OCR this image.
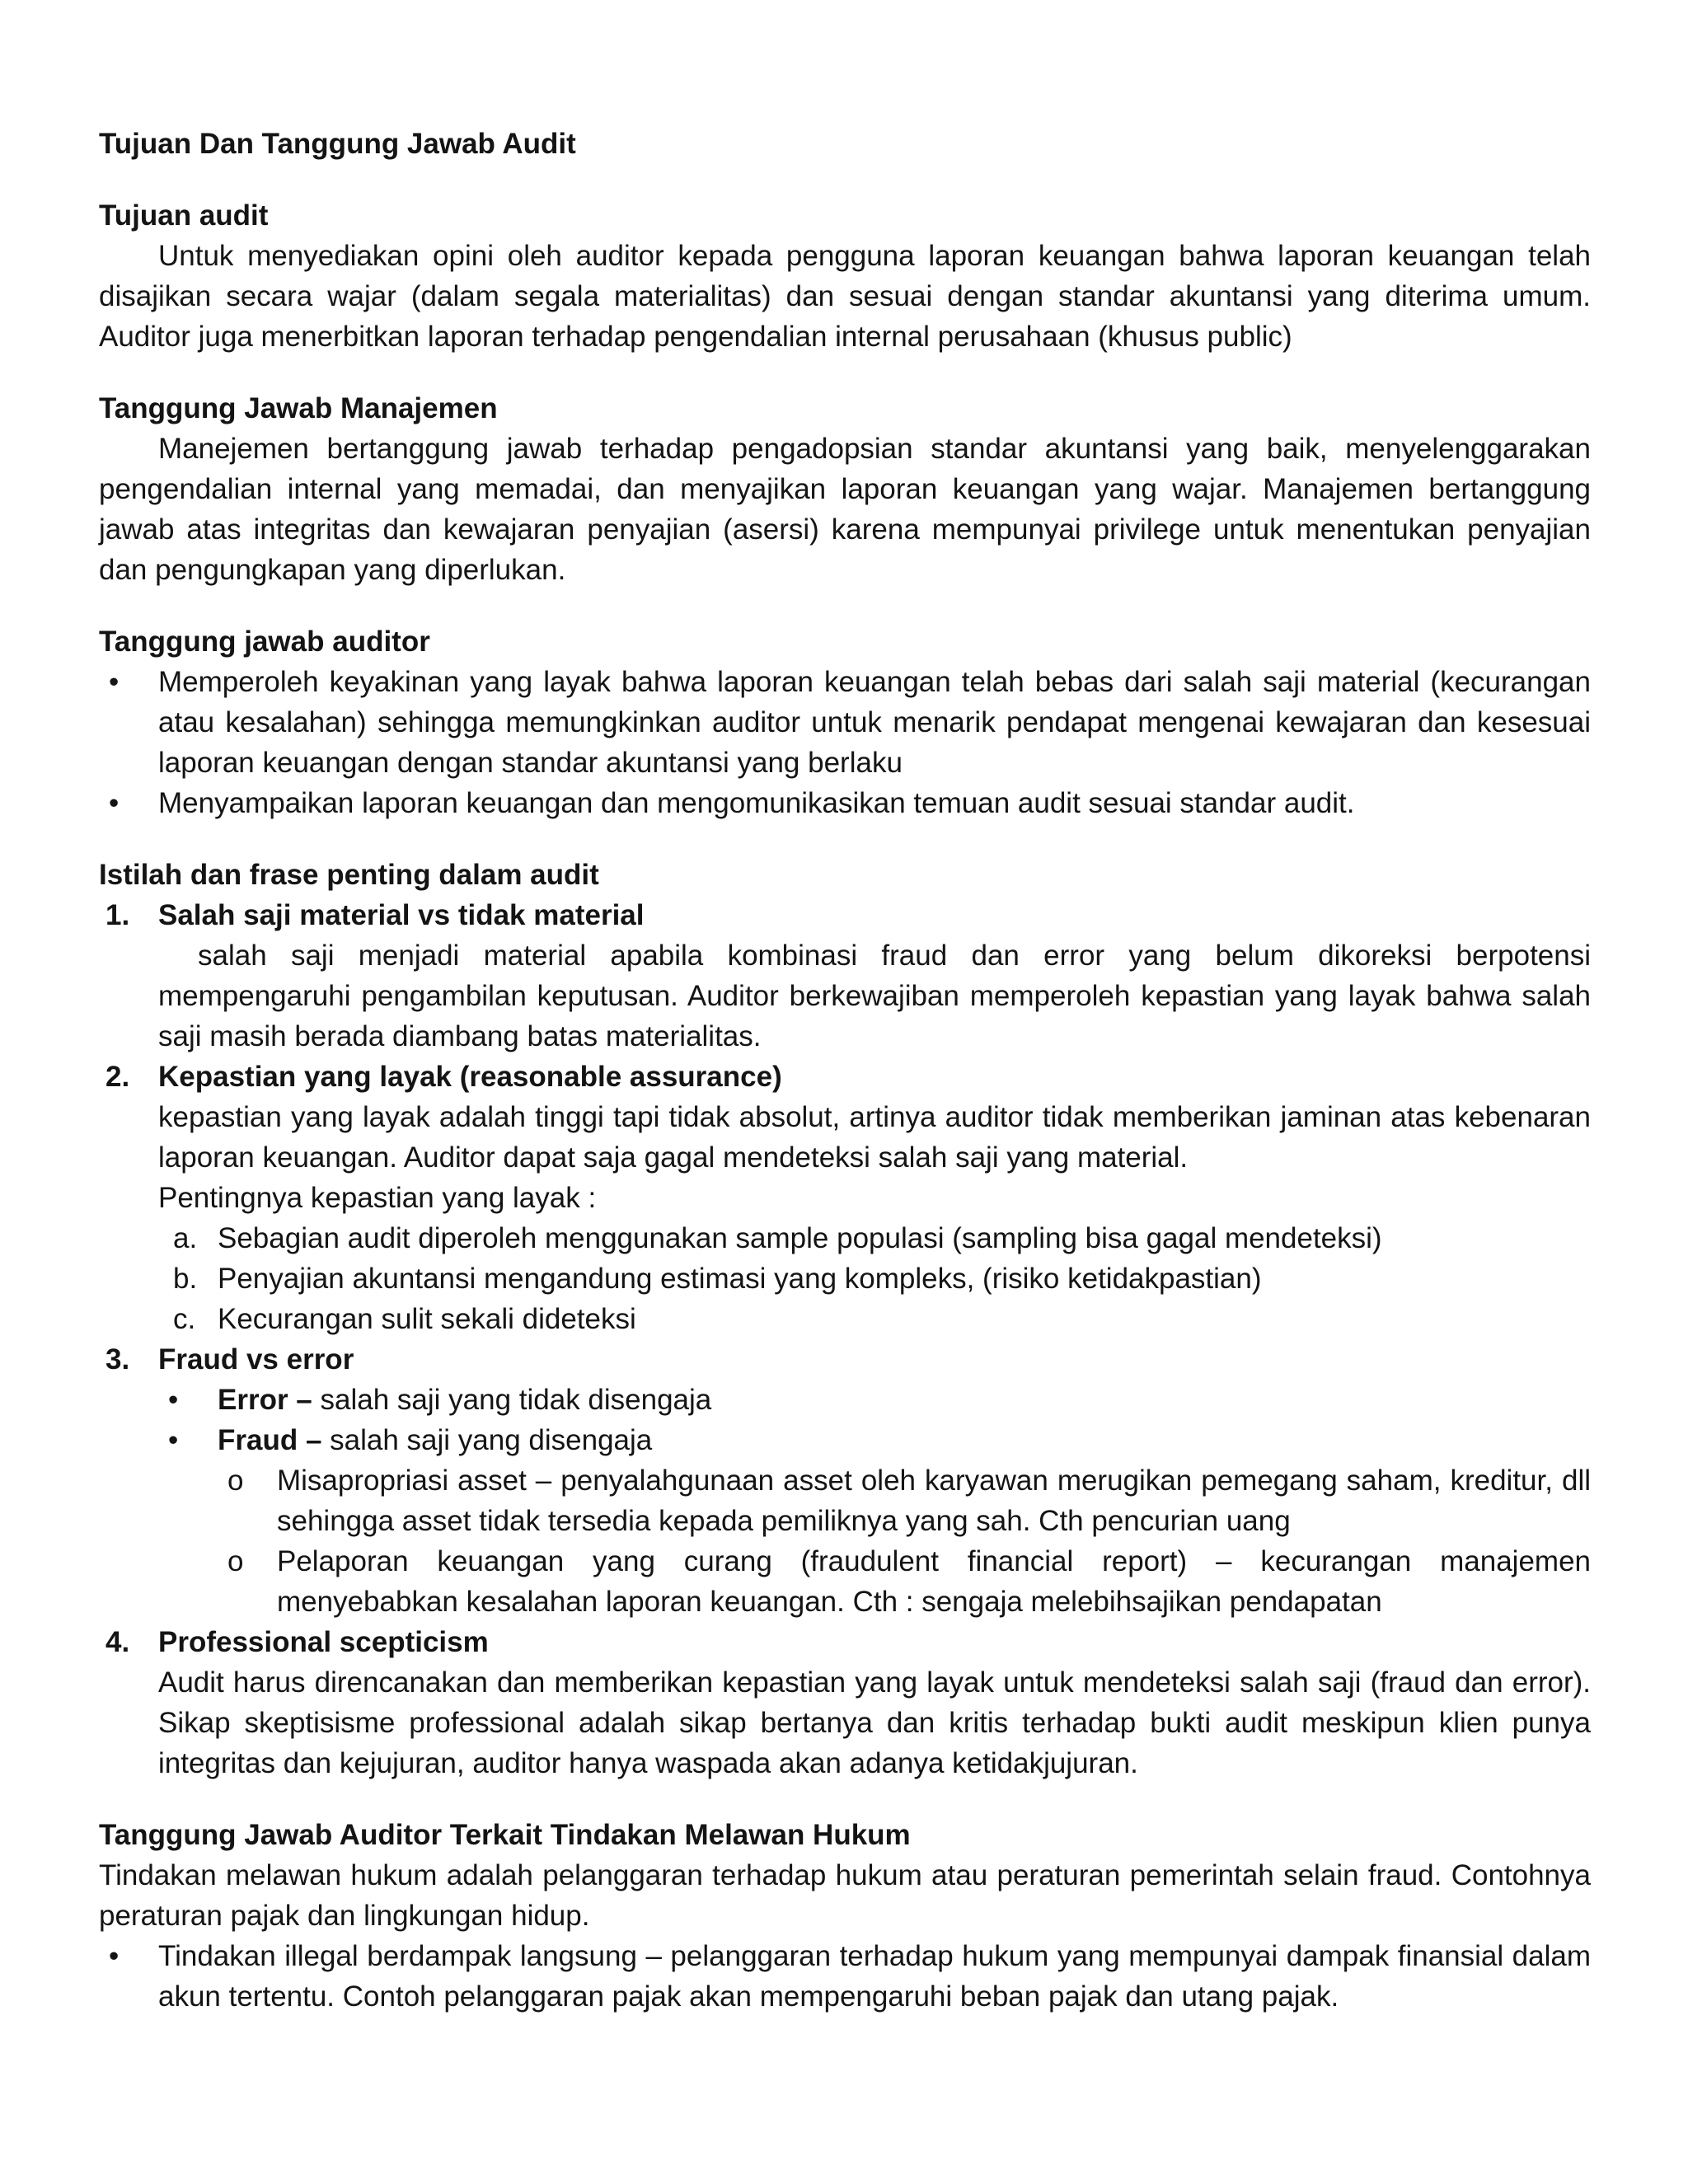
Tujuan Dan Tanggung Jawab Audit

Tujuan audit

Untuk menyediakan opini oleh auditor kepada pengguna laporan keuangan bahwa laporan keuangan telah disajikan secara wajar (dalam segala materialitas) dan sesuai dengan standar akuntansi yang diterima umum. Auditor juga menerbitkan laporan terhadap pengendalian internal perusahaan (khusus public)

Tanggung Jawab Manajemen

Manejemen bertanggung jawab terhadap pengadopsian standar akuntansi yang baik, menyelenggarakan pengendalian internal yang memadai, dan menyajikan laporan keuangan yang wajar. Manajemen bertanggung jawab atas integritas dan kewajaran penyajian (asersi) karena mempunyai privilege untuk menentukan penyajian dan pengungkapan yang diperlukan.

Tanggung jawab auditor

• Memperoleh keyakinan yang layak bahwa laporan keuangan telah bebas dari salah saji material (kecurangan atau kesalahan) sehingga memungkinkan auditor untuk menarik pendapat mengenai kewajaran dan kesesuai laporan keuangan dengan standar akuntansi yang berlaku
• Menyampaikan laporan keuangan dan mengomunikasikan temuan audit sesuai standar audit.

Istilah dan frase penting dalam audit

1. Salah saji material vs tidak material

salah saji menjadi material apabila kombinasi fraud dan error yang belum dikoreksi berpotensi mempengaruhi pengambilan keputusan. Auditor berkewajiban memperoleh kepastian yang layak bahwa salah saji masih berada diambang batas materialitas.

2. Kepastian yang layak (reasonable assurance)

kepastian yang layak adalah tinggi tapi tidak absolut, artinya auditor tidak memberikan jaminan atas kebenaran laporan keuangan. Auditor dapat saja gagal mendeteksi salah saji yang material.

Pentingnya kepastian yang layak :
a. Sebagian audit diperoleh menggunakan sample populasi (sampling bisa gagal mendeteksi)
b. Penyajian akuntansi mengandung estimasi yang kompleks, (risiko ketidakpastian)
c. Kecurangan sulit sekali dideteksi
3. Fraud vs error
• Error – salah saji yang tidak disengaja
• Fraud – salah saji yang disengaja
o Misapropriasi asset – penyalahgunaan asset oleh karyawan merugikan pemegang saham, kreditur, dll sehingga asset tidak tersedia kepada pemiliknya yang sah. Cth pencurian uang
o Pelaporan keuangan yang curang (fraudulent financial report) – kecurangan manajemen menyebabkan kesalahan laporan keuangan. Cth : sengaja melebihsajikan pendapatan
4. Professional scepticism

Audit harus direncanakan dan memberikan kepastian yang layak untuk mendeteksi salah saji (fraud dan error). Sikap skeptisisme professional adalah sikap bertanya dan kritis terhadap bukti audit meskipun klien punya integritas dan kejujuran, auditor hanya waspada akan adanya ketidakjujuran.

Tanggung Jawab Auditor Terkait Tindakan Melawan Hukum

Tindakan melawan hukum adalah pelanggaran terhadap hukum atau peraturan pemerintah selain fraud. Contohnya peraturan pajak dan lingkungan hidup.

• Tindakan illegal berdampak langsung – pelanggaran terhadap hukum yang mempunyai dampak finansial dalam akun tertentu. Contoh pelanggaran pajak akan mempengaruhi beban pajak dan utang pajak.
